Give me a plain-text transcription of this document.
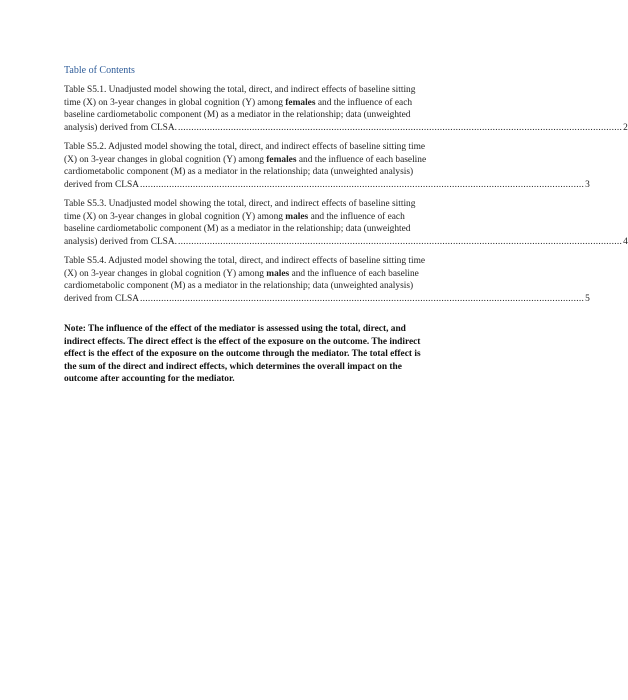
Table of Contents
Table S5.1. Unadjusted model showing the total, direct, and indirect effects of baseline sitting
time (X) on 3-year changes in global cognition (Y) among females and the influence of each
baseline cardiometabolic component (M) as a mediator in the relationship; data (unweighted
analysis) derived from CLSA. ........................................................................................................................................................................ 2
Table S5.2. Adjusted model showing the total, direct, and indirect effects of baseline sitting time
(X) on 3-year changes in global cognition (Y) among females and the influence of each baseline
cardiometabolic component (M) as a mediator in the relationship; data (unweighted analysis)
derived from CLSA ........................................................................................................................................................................ 3
Table S5.3. Unadjusted model showing the total, direct, and indirect effects of baseline sitting
time (X) on 3-year changes in global cognition (Y) among males and the influence of each
baseline cardiometabolic component (M) as a mediator in the relationship; data (unweighted
analysis) derived from CLSA. ........................................................................................................................................................................ 4
Table S5.4. Adjusted model showing the total, direct, and indirect effects of baseline sitting time
(X) on 3-year changes in global cognition (Y) among males and the influence of each baseline
cardiometabolic component (M) as a mediator in the relationship; data (unweighted analysis)
derived from CLSA ........................................................................................................................................................................ 5
Note: The influence of the effect of the mediator is assessed using the total, direct, and
indirect effects. The direct effect is the effect of the exposure on the outcome. The indirect
effect is the effect of the exposure on the outcome through the mediator. The total effect is
the sum of the direct and indirect effects, which determines the overall impact on the
outcome after accounting for the mediator.
